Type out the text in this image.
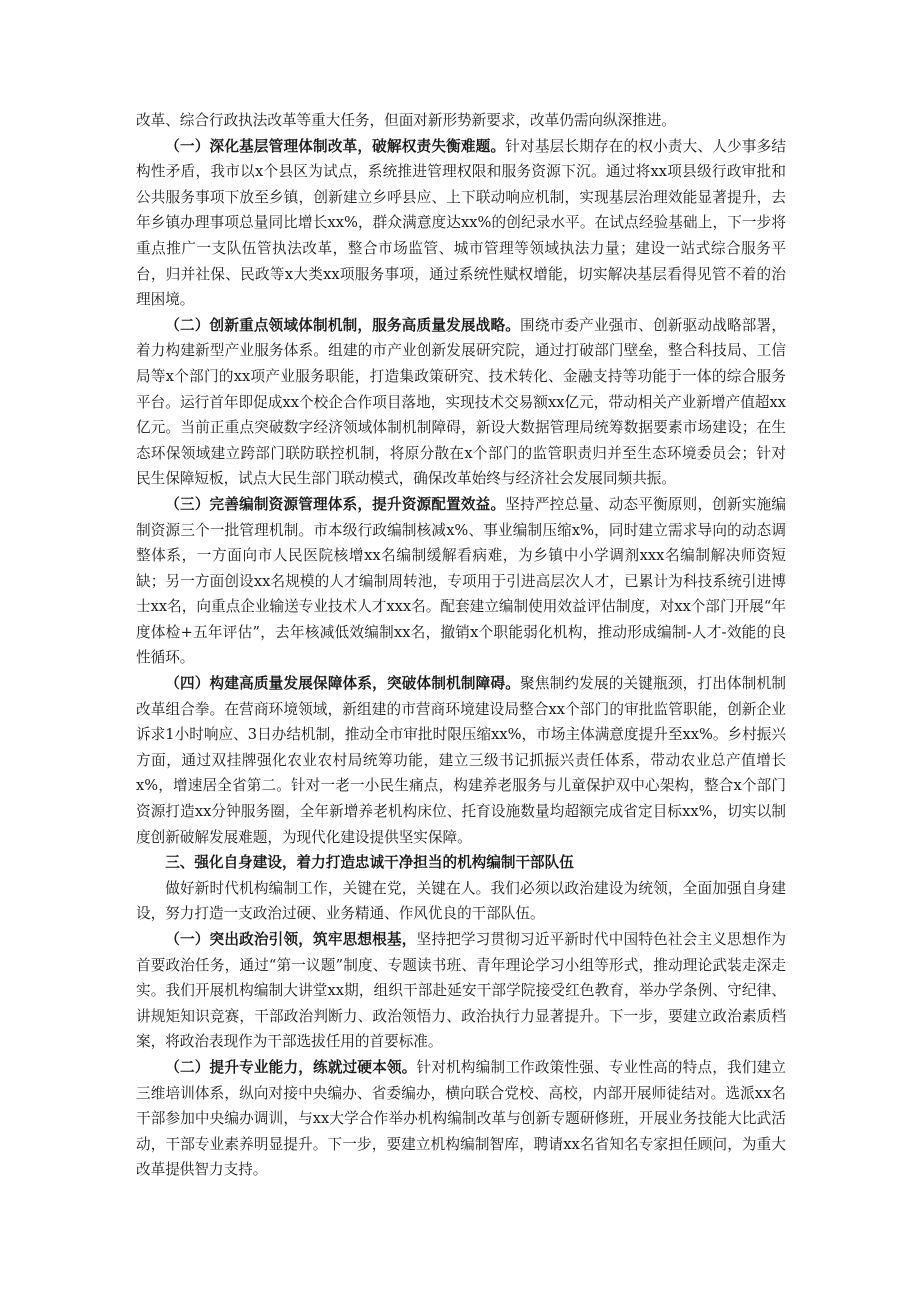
改革、综合行政执法改革等重大任务，但面对新形势新要求，改革仍需向纵深推进。

（一）深化基层管理体制改革，破解权责失衡难题。针对基层长期存在的权小责大、人少事多结构性矛盾，我市以x个县区为试点，系统推进管理权限和服务资源下沉。通过将xx项县级行政审批和公共服务事项下放至乡镇，创新建立乡呼县应、上下联动响应机制，实现基层治理效能显著提升，去年乡镇办理事项总量同比增长xx%，群众满意度达xx%的创纪录水平。在试点经验基础上，下一步将重点推广一支队伍管执法改革，整合市场监管、城市管理等领域执法力量；建设一站式综合服务平台，归并社保、民政等x大类xx项服务事项，通过系统性赋权增能，切实解决基层看得见管不着的治理困境。

（二）创新重点领域体制机制，服务高质量发展战略。围绕市委产业强市、创新驱动战略部署，着力构建新型产业服务体系。组建的市产业创新发展研究院，通过打破部门壁垒，整合科技局、工信局等x个部门的xx项产业服务职能，打造集政策研究、技术转化、金融支持等功能于一体的综合服务平台。运行首年即促成xx个校企合作项目落地，实现技术交易额xx亿元，带动相关产业新增产值超xx亿元。当前正重点突破数字经济领域体制机制障碍，新设大数据管理局统筹数据要素市场建设；在生态环保领域建立跨部门联防联控机制，将原分散在x个部门的监管职责归并至生态环境委员会；针对民生保障短板，试点大民生部门联动模式，确保改革始终与经济社会发展同频共振。

（三）完善编制资源管理体系，提升资源配置效益。坚持严控总量、动态平衡原则，创新实施编制资源三个一批管理机制。市本级行政编制核减x%、事业编制压缩x%，同时建立需求导向的动态调整体系，一方面向市人民医院核增xx名编制缓解看病难，为乡镇中小学调剂xxx名编制解决师资短缺；另一方面创设xx名规模的人才编制周转池，专项用于引进高层次人才，已累计为科技系统引进博士xx名，向重点企业输送专业技术人才xxx名。配套建立编制使用效益评估制度，对xx个部门开展“年度体检+五年评估”，去年核减低效编制xx名，撤销x个职能弱化机构，推动形成编制-人才-效能的良性循环。

（四）构建高质量发展保障体系，突破体制机制障碍。聚焦制约发展的关键瓶颈，打出体制机制改革组合拳。在营商环境领域，新组建的市营商环境建设局整合xx个部门的审批监管职能，创新企业诉求1小时响应、3日办结机制，推动全市审批时限压缩xx%，市场主体满意度提升至xx%。乡村振兴方面，通过双挂牌强化农业农村局统筹功能，建立三级书记抓振兴责任体系，带动农业总产值增长x%，增速居全省第二。针对一老一小民生痛点，构建养老服务与儿童保护双中心架构，整合x个部门资源打造xx分钟服务圈，全年新增养老机构床位、托育设施数量均超额完成省定目标xx%，切实以制度创新破解发展难题，为现代化建设提供坚实保障。

三、强化自身建设，着力打造忠诚干净担当的机构编制干部队伍

做好新时代机构编制工作，关键在党，关键在人。我们必须以政治建设为统领，全面加强自身建设，努力打造一支政治过硬、业务精通、作风优良的干部队伍。

（一）突出政治引领，筑牢思想根基，坚持把学习贯彻习近平新时代中国特色社会主义思想作为首要政治任务，通过“第一议题”制度、专题读书班、青年理论学习小组等形式，推动理论武装走深走实。我们开展机构编制大讲堂xx期，组织干部赴延安干部学院接受红色教育，举办学条例、守纪律、讲规矩知识竞赛，干部政治判断力、政治领悟力、政治执行力显著提升。下一步，要建立政治素质档案，将政治表现作为干部选拔任用的首要标准。

（二）提升专业能力，练就过硬本领。针对机构编制工作政策性强、专业性高的特点，我们建立三维培训体系，纵向对接中央编办、省委编办，横向联合党校、高校，内部开展师徒结对。选派xx名干部参加中央编办调训，与xx大学合作举办机构编制改革与创新专题研修班，开展业务技能大比武活动，干部专业素养明显提升。下一步，要建立机构编制智库，聘请xx名省知名专家担任顾问，为重大改革提供智力支持。
